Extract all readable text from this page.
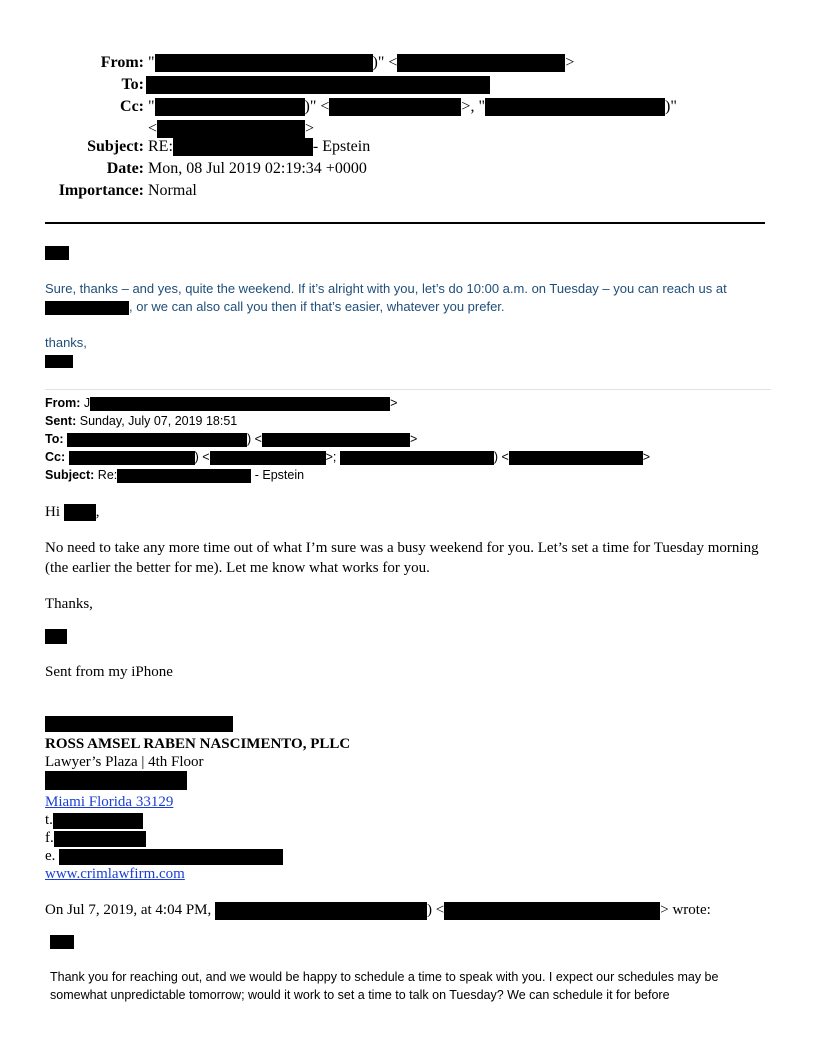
From: "	)" <	>
To:
Cc: "	)" <	>, "	)"
<	>
Subject: RE:	- Epstein
Date: Mon, 08 Jul 2019 02:19:34 +0000
Importance: Normal
Sure, thanks – and yes, quite the weekend. If it’s alright with you, let’s do 10:00 a.m. on Tuesday – you can reach us at
, or we can also call you then if that’s easier, whatever you prefer.
thanks,
From: J	>
Sent: Sunday, July 07, 2019 18:51
To:	) <	>
Cc:	) <	>;	) <	>
Subject: Re:	- Epstein
Hi ,
No need to take any more time out of what I’m sure was a busy weekend for you. Let’s set a time for Tuesday morning (the earlier the better for me). Let me know what works for you.
Thanks,
Sent from my iPhone
ROSS AMSEL RABEN NASCIMENTO, PLLC
Lawyer’s Plaza | 4th Floor
Miami Florida 33129
t.
f.
e.
www.crimlawfirm.com
On Jul 7, 2019, at 4:04 PM,	) <	> wrote:
Thank you for reaching out, and we would be happy to schedule a time to speak with you. I expect our schedules may be somewhat unpredictable tomorrow; would it work to set a time to talk on Tuesday? We can schedule it for before
